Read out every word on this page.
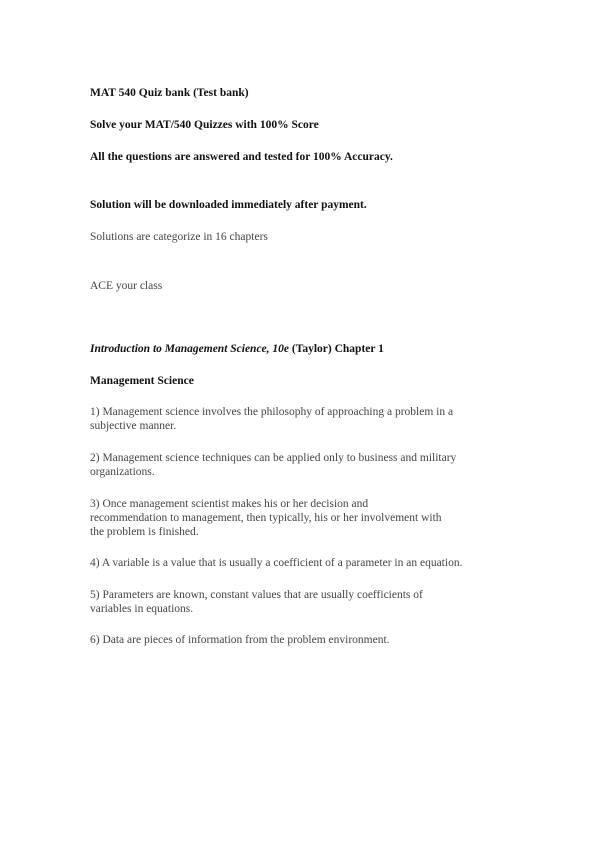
MAT 540 Quiz bank (Test bank)

Solve your MAT/540 Quizzes with 100% Score

All the questions are answered and tested for 100% Accuracy.

Solution will be downloaded immediately after payment.

Solutions are categorize in 16 chapters

ACE your class

Introduction to Management Science, 10e (Taylor) Chapter 1

Management Science

1) Management science involves the philosophy of approaching a problem in a
subjective manner.
2) Management science techniques can be applied only to business and military
organizations.
3) Once management scientist makes his or her decision and
recommendation to management, then typically, his or her involvement with
the problem is finished.
4) A variable is a value that is usually a coefficient of a parameter in an equation.
5) Parameters are known, constant values that are usually coefficients of
variables in equations.
6) Data are pieces of information from the problem environment.
